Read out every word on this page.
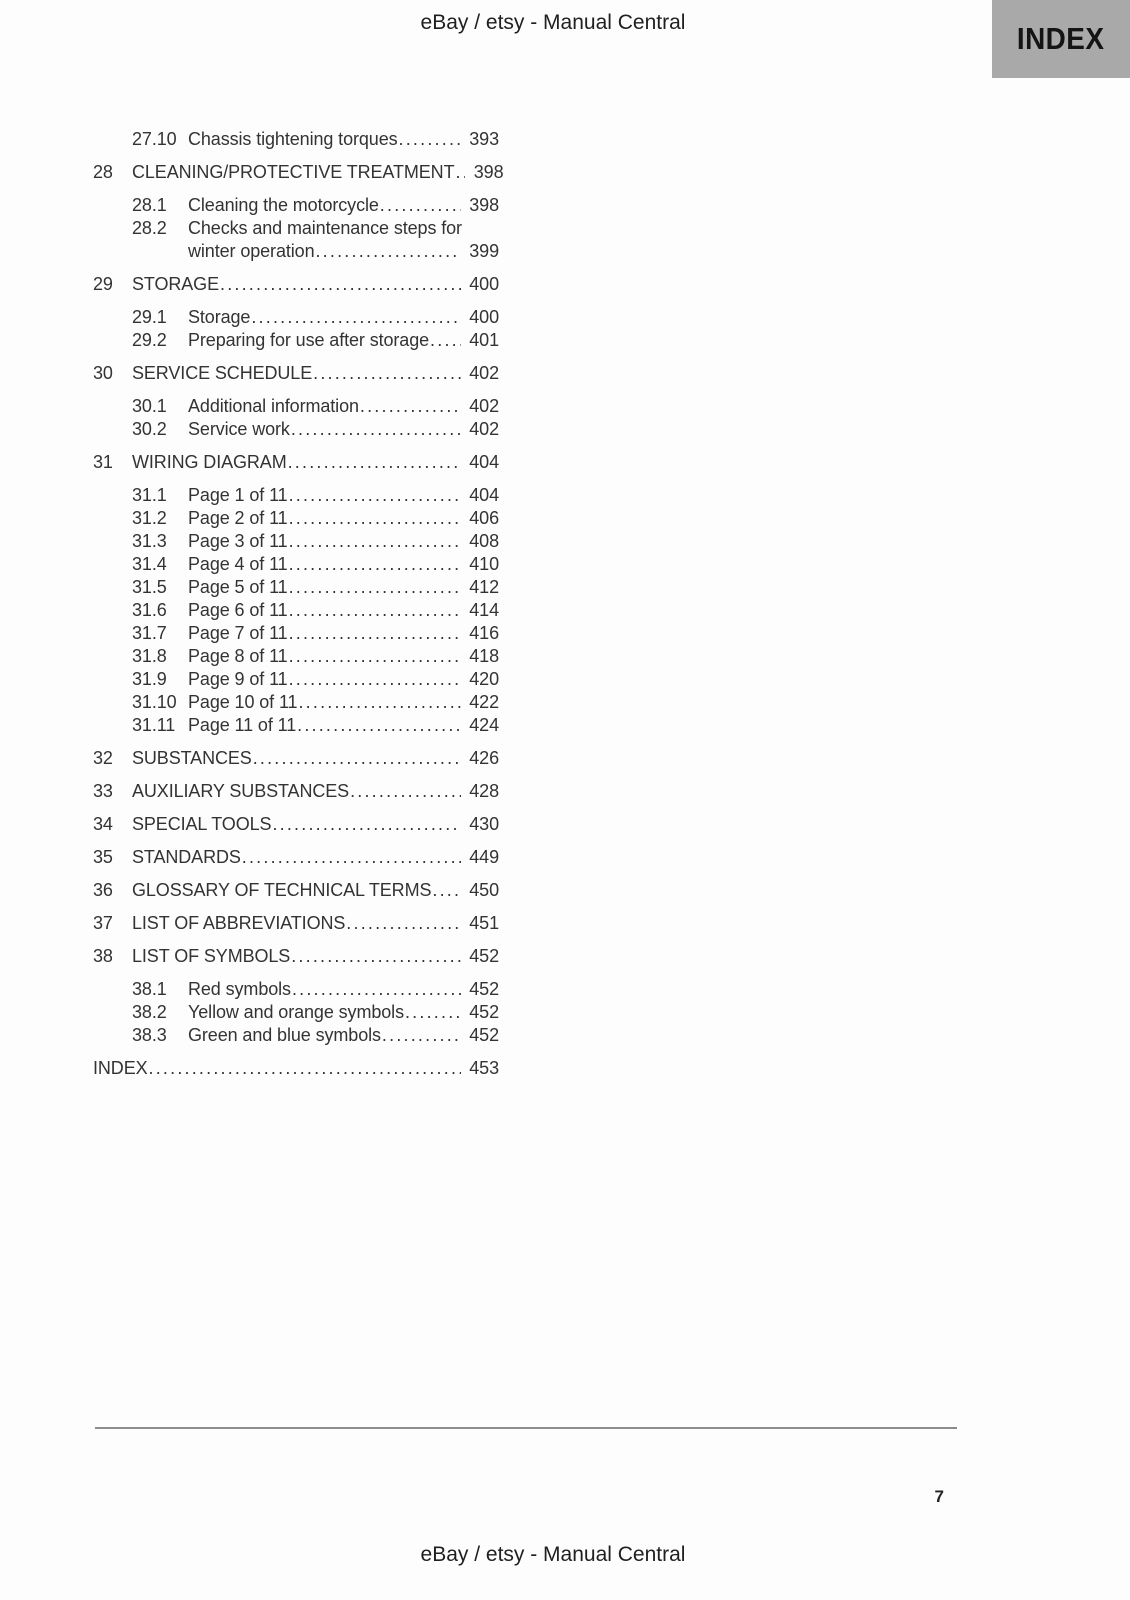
eBay / etsy - Manual Central	INDEX
27.10 Chassis tightening torques .....	393
28	CLEANING/PROTECTIVE TREATMENT ..... 398
28.1	Cleaning the motorcycle .....	398
28.2	Checks and maintenance steps for
winter operation .....	399
29	STORAGE .....	400
29.1	Storage .....	400
29.2	Preparing for use after storage ..... 401
30	SERVICE SCHEDULE .....	402
30.1	Additional information .....	402
30.2	Service work .....	402
31	WIRING DIAGRAM .....	404
31.1	Page 1 of 11 .....	404
31.2	Page 2 of 11 .....	406
31.3	Page 3 of 11 .....	408
31.4	Page 4 of 11 .....	410
31.5	Page 5 of 11 .....	412
31.6	Page 6 of 11 .....	414
31.7	Page 7 of 11 .....	416
31.8	Page 8 of 11 .....	418
31.9	Page 9 of 11 .....	420
31.10 Page 10 of 11 .....	422
31.11 Page 11 of 11 .....	424
32	SUBSTANCES .....	426
33	AUXILIARY SUBSTANCES .....	428
34	SPECIAL TOOLS .....	430
35	STANDARDS .....	449
36	GLOSSARY OF TECHNICAL TERMS ..... 450
37	LIST OF ABBREVIATIONS .....	451
38	LIST OF SYMBOLS .....	452
38.1	Red symbols .....	452
38.2	Yellow and orange symbols .....	452
38.3	Green and blue symbols .....	452
INDEX .....	453
7
eBay / etsy - Manual Central
